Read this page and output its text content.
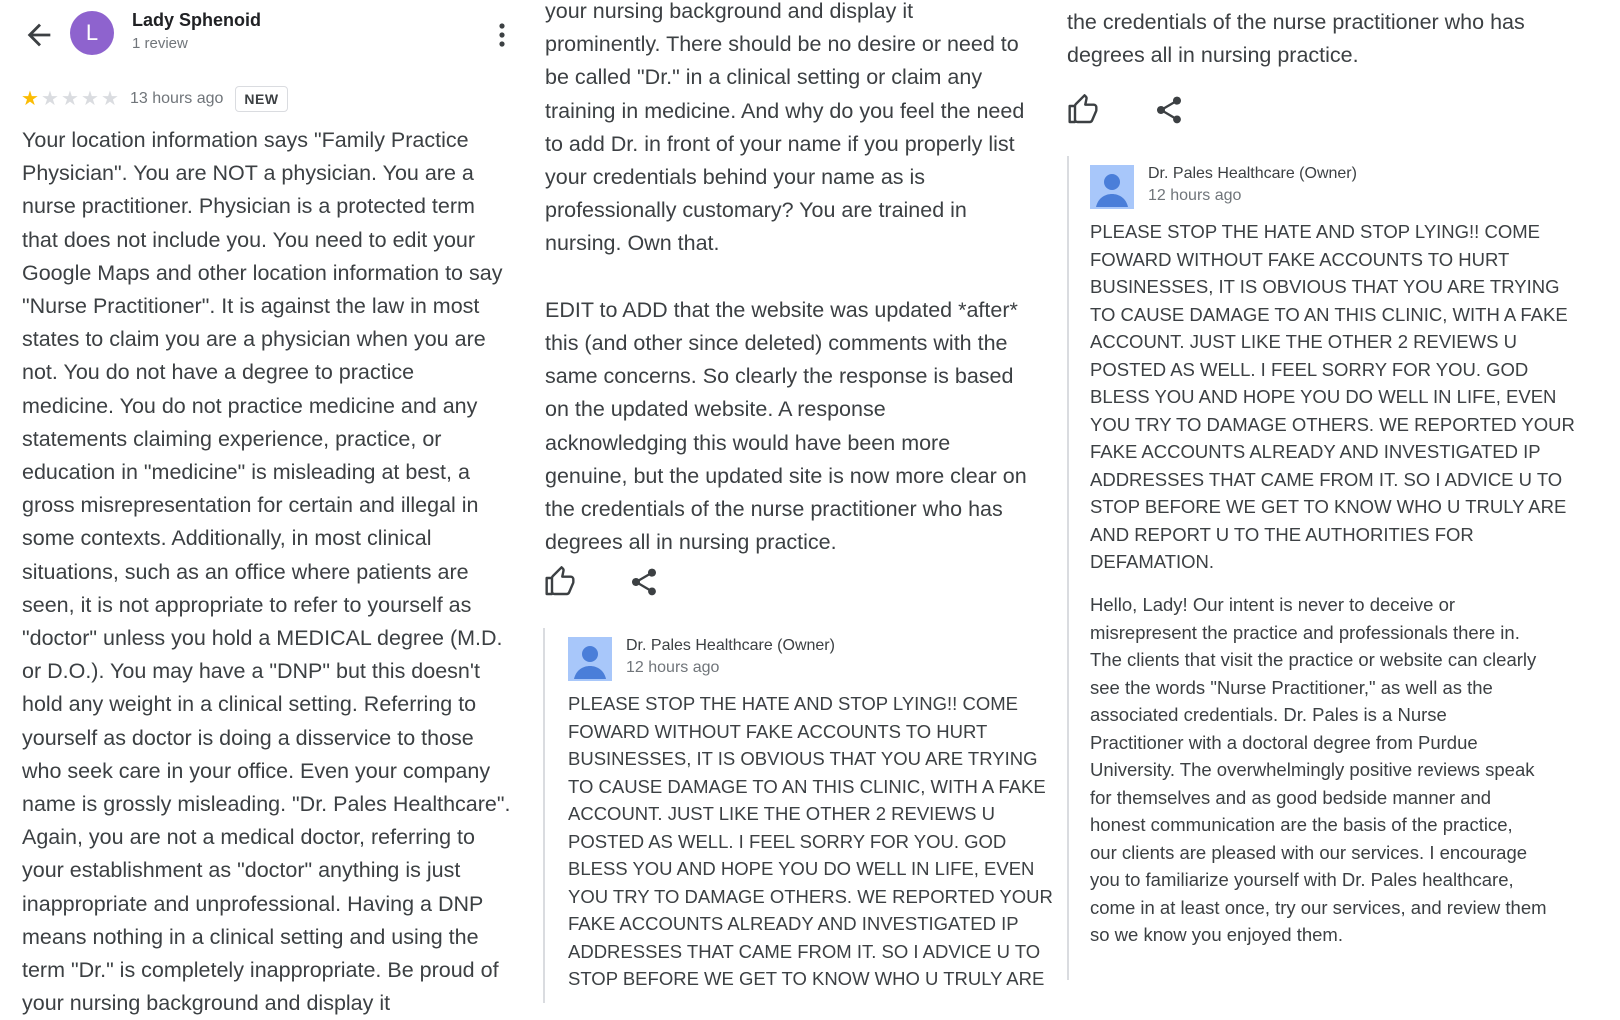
L	Lady Sphenoid
1 review
★ ★ ★ ★ ★ 13 hours ago	NEW
Your location information says "Family Practice
Physician". You are NOT a physician. You are a
nurse practitioner. Physician is a protected term
that does not include you. You need to edit your
Google Maps and other location information to say
"Nurse Practitioner". It is against the law in most
states to claim you are a physician when you are
not. You do not have a degree to practice
medicine. You do not practice medicine and any
statements claiming experience, practice, or
education in "medicine" is misleading at best, a
gross misrepresentation for certain and illegal in
some contexts. Additionally, in most clinical
situations, such as an office where patients are
seen, it is not appropriate to refer to yourself as
"doctor" unless you hold a MEDICAL degree (M.D.
or D.O.). You may have a "DNP" but this doesn't
hold any weight in a clinical setting. Referring to
yourself as doctor is doing a disservice to those
who seek care in your office. Even your company
name is grossly misleading. "Dr. Pales Healthcare".
Again, you are not a medical doctor, referring to
your establishment as "doctor" anything is just
inappropriate and unprofessional. Having a DNP
means nothing in a clinical setting and using the
term "Dr." is completely inappropriate. Be proud of
your nursing background and display it
your nursing background and display it
prominently. There should be no desire or need to
be called "Dr." in a clinical setting or claim any
training in medicine. And why do you feel the need
to add Dr. in front of your name if you properly list
your credentials behind your name as is
professionally customary? You are trained in
nursing. Own that.

EDIT to ADD that the website was updated *after*
this (and other since deleted) comments with the
same concerns. So clearly the response is based
on the updated website. A response
acknowledging this would have been more
genuine, but the updated site is now more clear on
the credentials of the nurse practitioner who has
degrees all in nursing practice.
Dr. Pales Healthcare (Owner)
12 hours ago
PLEASE STOP THE HATE AND STOP LYING!! COME
FOWARD WITHOUT FAKE ACCOUNTS TO HURT
BUSINESSES, IT IS OBVIOUS THAT YOU ARE TRYING
TO CAUSE DAMAGE TO AN THIS CLINIC, WITH A FAKE
ACCOUNT. JUST LIKE THE OTHER 2 REVIEWS U
POSTED AS WELL. I FEEL SORRY FOR YOU. GOD
BLESS YOU AND HOPE YOU DO WELL IN LIFE, EVEN
YOU TRY TO DAMAGE OTHERS. WE REPORTED YOUR
FAKE ACCOUNTS ALREADY AND INVESTIGATED IP
ADDRESSES THAT CAME FROM IT. SO I ADVICE U TO
STOP BEFORE WE GET TO KNOW WHO U TRULY ARE
the credentials of the nurse practitioner who has
degrees all in nursing practice.
Dr. Pales Healthcare (Owner)
12 hours ago
PLEASE STOP THE HATE AND STOP LYING!! COME
FOWARD WITHOUT FAKE ACCOUNTS TO HURT
BUSINESSES, IT IS OBVIOUS THAT YOU ARE TRYING
TO CAUSE DAMAGE TO AN THIS CLINIC, WITH A FAKE
ACCOUNT. JUST LIKE THE OTHER 2 REVIEWS U
POSTED AS WELL. I FEEL SORRY FOR YOU. GOD
BLESS YOU AND HOPE YOU DO WELL IN LIFE, EVEN
YOU TRY TO DAMAGE OTHERS. WE REPORTED YOUR
FAKE ACCOUNTS ALREADY AND INVESTIGATED IP
ADDRESSES THAT CAME FROM IT. SO I ADVICE U TO
STOP BEFORE WE GET TO KNOW WHO U TRULY ARE
AND REPORT U TO THE AUTHORITIES FOR
DEFAMATION.
Hello, Lady! Our intent is never to deceive or
misrepresent the practice and professionals there in.
The clients that visit the practice or website can clearly
see the words "Nurse Practitioner," as well as the
associated credentials. Dr. Pales is a Nurse
Practitioner with a doctoral degree from Purdue
University. The overwhelmingly positive reviews speak
for themselves and as good bedside manner and
honest communication are the basis of the practice,
our clients are pleased with our services. I encourage
you to familiarize yourself with Dr. Pales healthcare,
come in at least once, try our services, and review them
so we know you enjoyed them.
